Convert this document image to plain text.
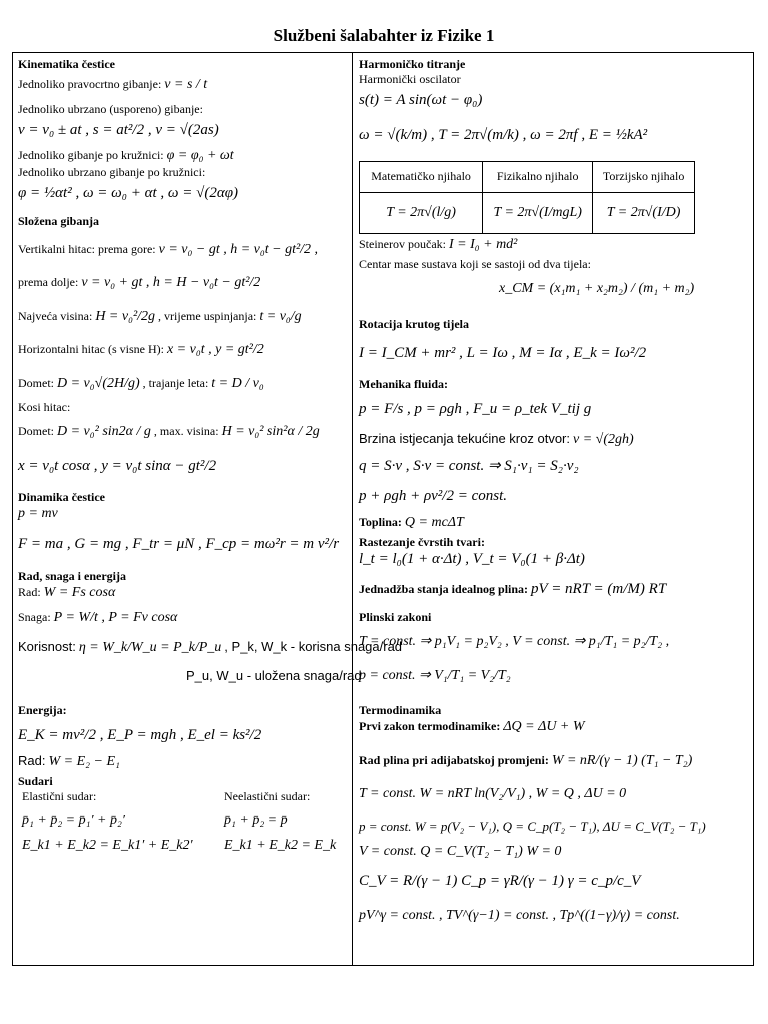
Službeni šalabahter iz Fizike 1
Kinematika čestice
Jednoliko pravocrtno gibanje: v = s / t
Jednoliko ubrzano (usporeno) gibanje:
v = v₀ ± at , s = at²/2 , v = √(2as)
Jednoliko gibanje po kružnici: φ = φ₀ + ωt
Jednoliko ubrzano gibanje po kružnici:
φ = ½αt² , ω = ω₀ + αt , ω = √(2αφ)
Složena gibanja
Vertikalni hitac: prema gore: v = v₀ − gt , h = v₀t − gt²/2 ,
prema dolje: v = v₀ + gt , h = H − v₀t − gt²/2
Najveća visina: H = v₀²/2g , vrijeme uspinjanja: t = v₀/g
Horizontalni hitac (s visne H): x = v₀t , y = gt²/2
Domet: D = v₀√(2H/g) , trajanje leta: t = D / v₀
Kosi hitac:
Domet: D = v₀² sin2α / g , max. visina: H = v₀² sin²α / 2g
x = v₀t cosα , y = v₀t sinα − gt²/2
Dinamika čestice
p = mv
F = ma , G = mg , F_tr = μN , F_cp = mω²r = m v²/r
Rad, snaga i energija
Rad: W = Fs cosα
Snaga: P = W/t , P = Fv cosα
Korisnost: η = W_k/W_u = P_k/P_u , P_k, W_k - korisna snaga/rad
P_u, W_u - uložena snaga/rad
Energija:
E_K = mv²/2 , E_P = mgh , E_el = ks²/2
Rad: W = E₂ − E₁
Sudari
Elastični sudar:
p̄₁ + p̄₂ = p̄₁′ + p̄₂′
E_k1 + E_k2 = E_k1′ + E_k2′
Neelastični sudar:
p̄₁ + p̄₂ = p̄
E_k1 + E_k2 = E_k
Harmoničko titranje
Harmonički oscilator
s(t) = A sin(ωt − φ₀)
ω = √(k/m) , T = 2π√(m/k) , ω = 2πf , E = ½kA²
Matematičko njihalo	Fizikalno njihalo	Torzijsko njihalo
T = 2π√(l/g)	T = 2π√(I/mgL)	T = 2π√(I/D)
Steinerov poučak: I = I₀ + md²
Centar mase sustava koji se sastoji od dva tijela:
x_CM = (x₁m₁ + x₂m₂) / (m₁ + m₂)
Rotacija krutog tijela
I = I_CM + mr² , L = Iω , M = Iα , E_k = Iω²/2
Mehanika fluida:
p = F/s , p = ρgh , F_u = ρ_tek V_tij g
Brzina istjecanja tekućine kroz otvor: v = √(2gh)
q = S·v , S·v = const. ⇒ S₁·v₁ = S₂·v₂
p + ρgh + ρv²/2 = const.
Toplina: Q = mcΔT
Rastezanje čvrstih tvari:
l_t = l₀(1 + α·Δt) , V_t = V₀(1 + β·Δt)
Jednadžba stanja idealnog plina: pV = nRT = (m/M) RT
Plinski zakoni
T = const. ⇒ p₁V₁ = p₂V₂ , V = const. ⇒ p₁/T₁ = p₂/T₂ ,
p = const. ⇒ V₁/T₁ = V₂/T₂
Termodinamika
Prvi zakon termodinamike: ΔQ = ΔU + W
Rad plina pri adijabatskoj promjeni: W = nR/(γ − 1) (T₁ − T₂)
T = const. W = nRT ln(V₂/V₁) , W = Q , ΔU = 0
p = const. W = p(V₂ − V₁), Q = C_p(T₂ − T₁), ΔU = C_V(T₂ − T₁)
V = const. Q = C_V(T₂ − T₁) W = 0
C_V = R/(γ − 1) C_p = γR/(γ − 1) γ = c_p/c_V
pV^γ = const. , TV^(γ−1) = const. , Tp^((1−γ)/γ) = const.
